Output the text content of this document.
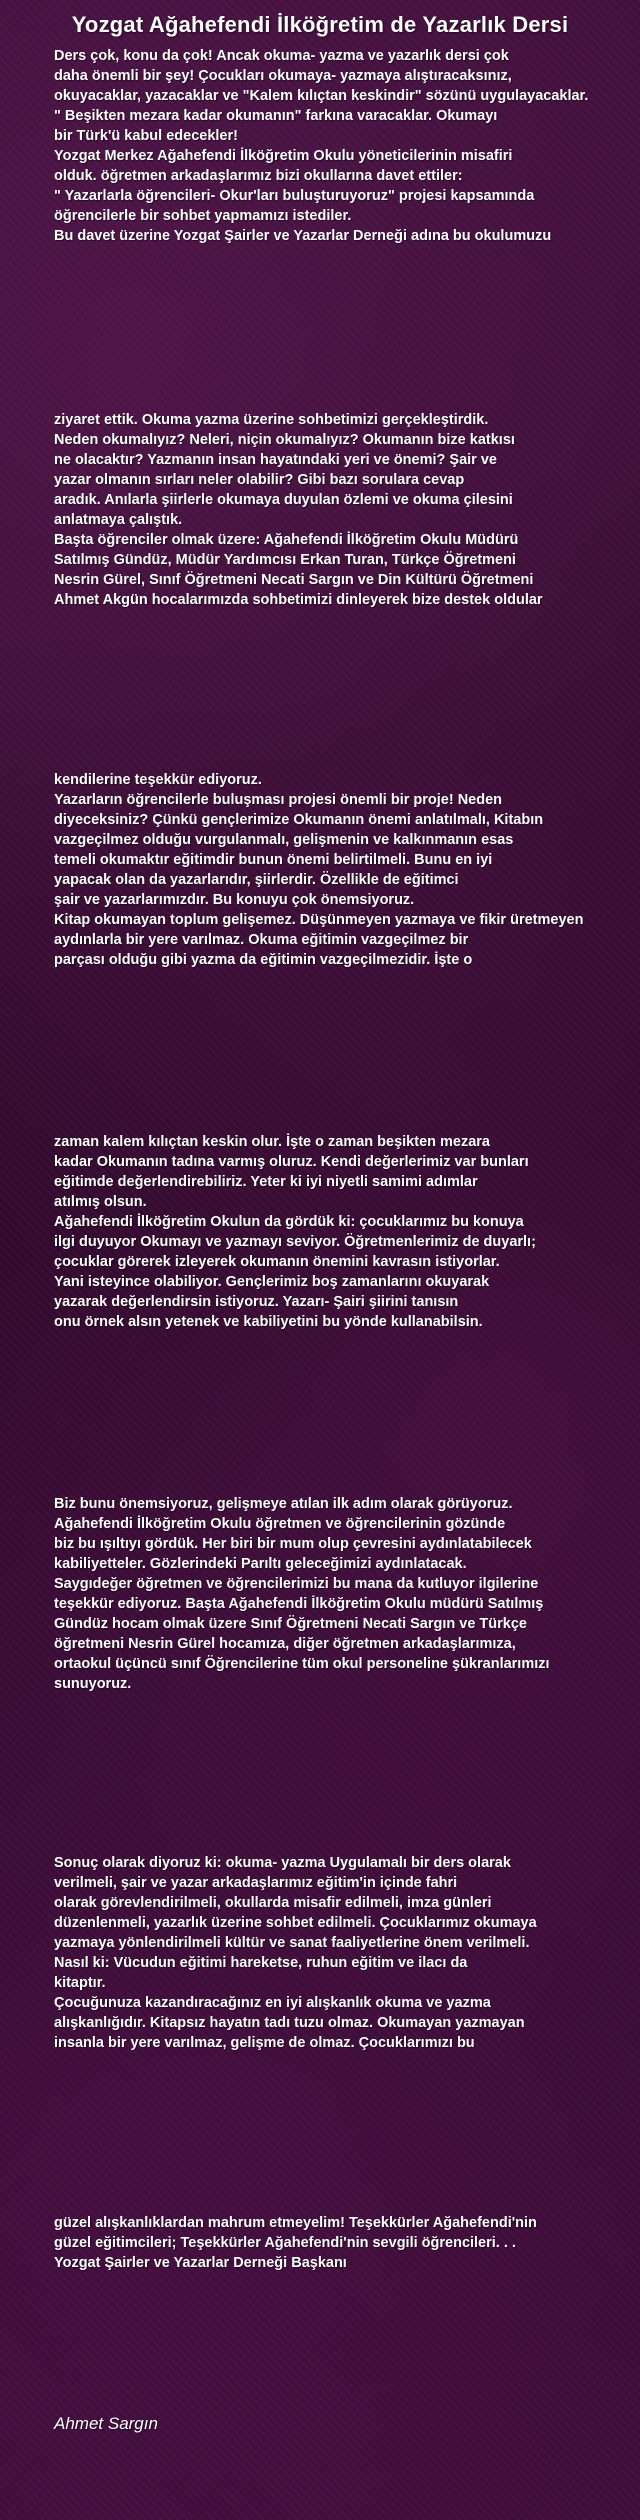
Yozgat Ağahefendi İlköğretim de Yazarlık Dersi
Ders çok, konu da çok! Ancak okuma- yazma ve yazarlık dersi çok
daha önemli bir şey! Çocukları okumaya- yazmaya alıştıracaksınız,
okuyacaklar, yazacaklar ve "Kalem kılıçtan keskindir" sözünü uygulayacaklar.
" Beşikten mezara kadar okumanın" farkına varacaklar. Okumayı
bir Türk'ü kabul edecekler!
Yozgat Merkez Ağahefendi İlköğretim Okulu yöneticilerinin misafiri
olduk. öğretmen arkadaşlarımız bizi okullarına davet ettiler:
" Yazarlarla öğrencileri- Okur'ları buluşturuyoruz" projesi kapsamında
öğrencilerle bir sohbet yapmamızı istediler.
Bu davet üzerine Yozgat Şairler ve Yazarlar Derneği adına bu okulumuzu
ziyaret ettik. Okuma yazma üzerine sohbetimizi gerçekleştirdik.
Neden okumalıyız? Neleri, niçin okumalıyız? Okumanın bize katkısı
ne olacaktır? Yazmanın insan hayatındaki yeri ve önemi? Şair ve
yazar olmanın sırları neler olabilir? Gibi bazı sorulara cevap
aradık. Anılarla şiirlerle okumaya duyulan özlemi ve okuma çilesini
anlatmaya çalıştık.
Başta öğrenciler olmak üzere: Ağahefendi İlköğretim Okulu Müdürü
Satılmış Gündüz, Müdür Yardımcısı Erkan Turan, Türkçe Öğretmeni
Nesrin Gürel, Sınıf Öğretmeni Necati Sargın ve Din Kültürü Öğretmeni
Ahmet Akgün hocalarımızda sohbetimizi dinleyerek bize destek oldular
kendilerine teşekkür ediyoruz.
Yazarların öğrencilerle buluşması projesi önemli bir proje! Neden
diyeceksiniz? Çünkü gençlerimize Okumanın önemi anlatılmalı, Kitabın
vazgeçilmez olduğu vurgulanmalı, gelişmenin ve kalkınmanın esas
temeli okumaktır eğitimdir bunun önemi belirtilmeli. Bunu en iyi
yapacak olan da yazarlarıdır, şiirlerdir. Özellikle de eğitimci
şair ve yazarlarımızdır. Bu konuyu çok önemsiyoruz.
Kitap okumayan toplum gelişemez. Düşünmeyen yazmaya ve fikir üretmeyen
aydınlarla bir yere varılmaz. Okuma eğitimin vazgeçilmez bir
parçası olduğu gibi yazma da eğitimin vazgeçilmezidir. İşte o
zaman kalem kılıçtan keskin olur. İşte o zaman beşikten mezara
kadar Okumanın tadına varmış oluruz. Kendi değerlerimiz var bunları
eğitimde değerlendirebiliriz. Yeter ki iyi niyetli samimi adımlar
atılmış olsun.
Ağahefendi İlköğretim Okulun da gördük ki: çocuklarımız bu konuya
ilgi duyuyor Okumayı ve yazmayı seviyor. Öğretmenlerimiz de duyarlı;
çocuklar görerek izleyerek okumanın önemini kavrasın istiyorlar.
Yani isteyince olabiliyor. Gençlerimiz boş zamanlarını okuyarak
yazarak değerlendirsin istiyoruz. Yazarı- Şairi şiirini tanısın
onu örnek alsın yetenek ve kabiliyetini bu yönde kullanabilsin.
Biz bunu önemsiyoruz, gelişmeye atılan ilk adım olarak görüyoruz.
Ağahefendi İlköğretim Okulu öğretmen ve öğrencilerinin gözünde
biz bu ışıltıyı gördük. Her biri bir mum olup çevresini aydınlatabilecek
kabiliyetteler. Gözlerindeki Parıltı geleceğimizi aydınlatacak.
Saygıdeğer öğretmen ve öğrencilerimizi bu mana da kutluyor ilgilerine
teşekkür ediyoruz. Başta Ağahefendi İlköğretim Okulu müdürü Satılmış
Gündüz hocam olmak üzere Sınıf Öğretmeni Necati Sargın ve Türkçe
öğretmeni Nesrin Gürel hocamıza, diğer öğretmen arkadaşlarımıza,
ortaokul üçüncü sınıf Öğrencilerine tüm okul personeline şükranlarımızı
sunuyoruz.
Sonuç olarak diyoruz ki: okuma- yazma Uygulamalı bir ders olarak
verilmeli, şair ve yazar arkadaşlarımız eğitim'in içinde fahri
olarak görevlendirilmeli, okullarda misafir edilmeli, imza günleri
düzenlenmeli, yazarlık üzerine sohbet edilmeli. Çocuklarımız okumaya
yazmaya yönlendirilmeli kültür ve sanat faaliyetlerine önem verilmeli.
Nasıl ki: Vücudun eğitimi hareketse, ruhun eğitim ve ilacı da
kitaptır.
Çocuğunuza kazandıracağınız en iyi alışkanlık okuma ve yazma
alışkanlığıdır. Kitapsız hayatın tadı tuzu olmaz. Okumayan yazmayan
insanla bir yere varılmaz, gelişme de olmaz. Çocuklarımızı bu
güzel alışkanlıklardan mahrum etmeyelim! Teşekkürler Ağahefendi'nin
güzel eğitimcileri; Teşekkürler Ağahefendi'nin sevgili öğrencileri. . .
Yozgat Şairler ve Yazarlar Derneği Başkanı

Ahmet Sargın
